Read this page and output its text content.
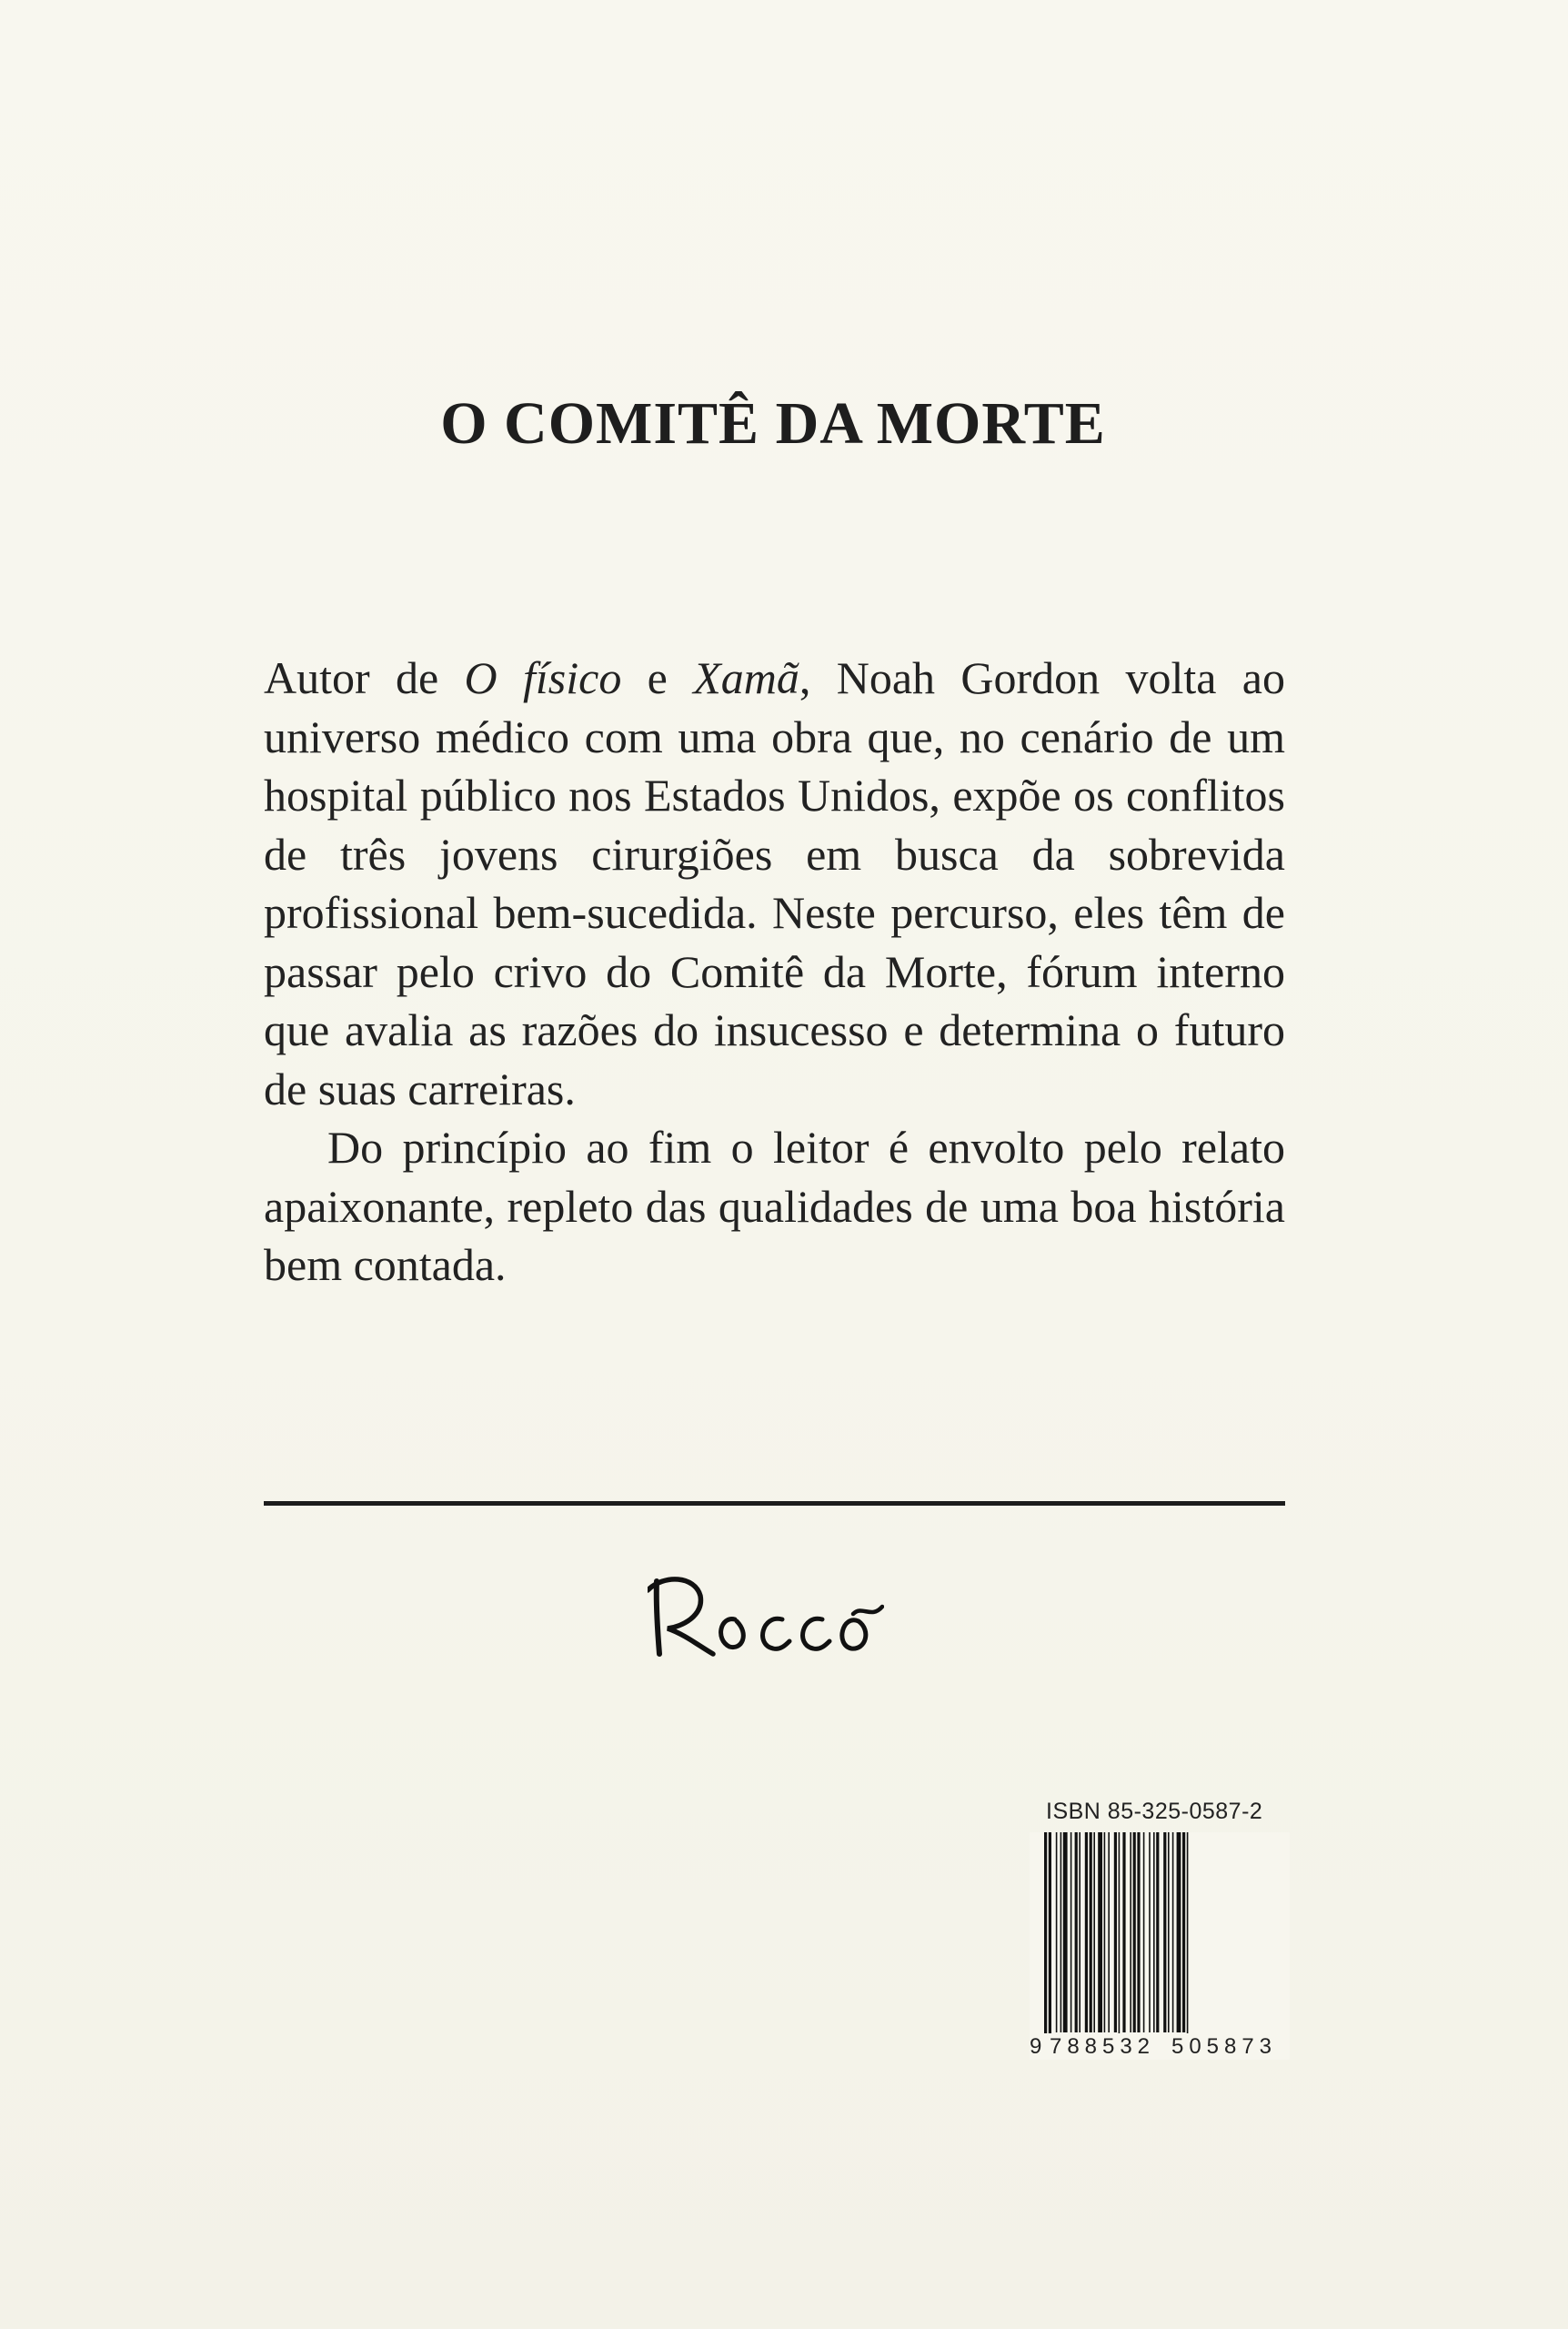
O COMITÊ DA MORTE

Autor de O físico e Xamã, Noah Gordon volta ao universo médico com uma obra que, no cenário de um hospital público nos Estados Unidos, expõe os conflitos de três jovens cirurgiões em busca da sobrevida profissional bem-sucedida. Neste percurso, eles têm de passar pelo crivo do Comitê da Morte, fórum interno que avalia as razões do insucesso e determina o futuro de suas carreiras.

Do princípio ao fim o leitor é envolto pelo relato apaixonante, repleto das qualidades de uma boa história bem contada.

ISBN 85-325-0587-2
9 788532 505873
